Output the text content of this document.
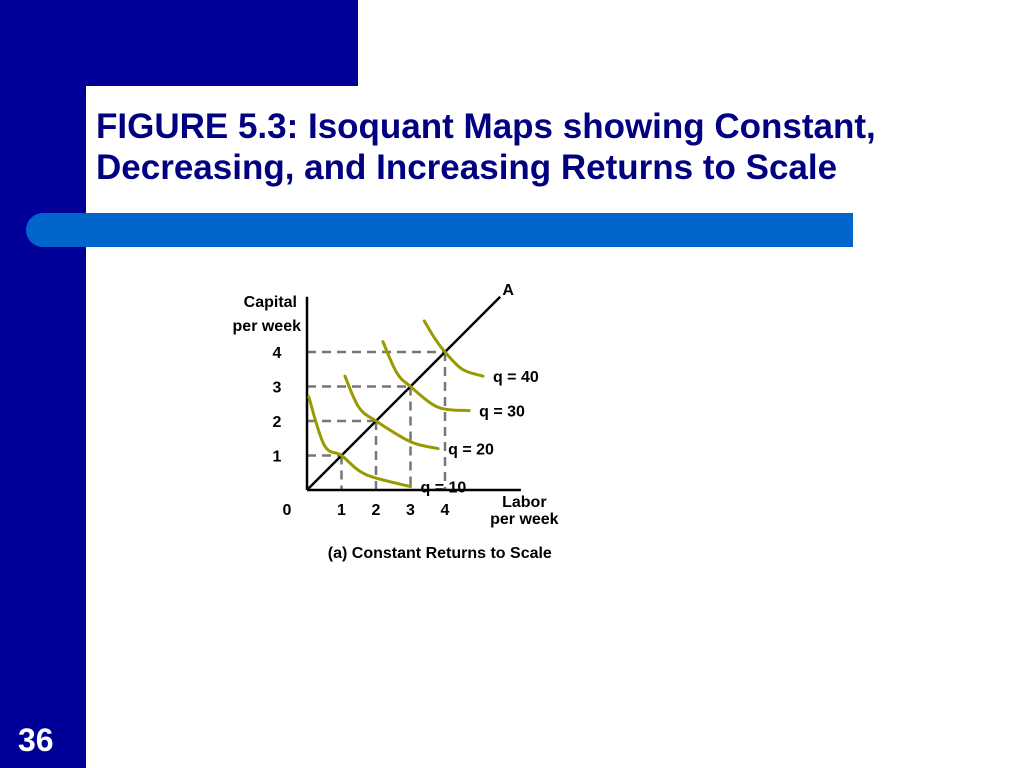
FIGURE 5.3: Isoquant Maps showing Constant,
Decreasing, and Increasing Returns to Scale
q = 10
q = 20
q = 30
q = 40
1 2 3 4
1
2
3
4
0
Capital
per week
Labor
per week
A
(a) Constant Returns to Scale
36
